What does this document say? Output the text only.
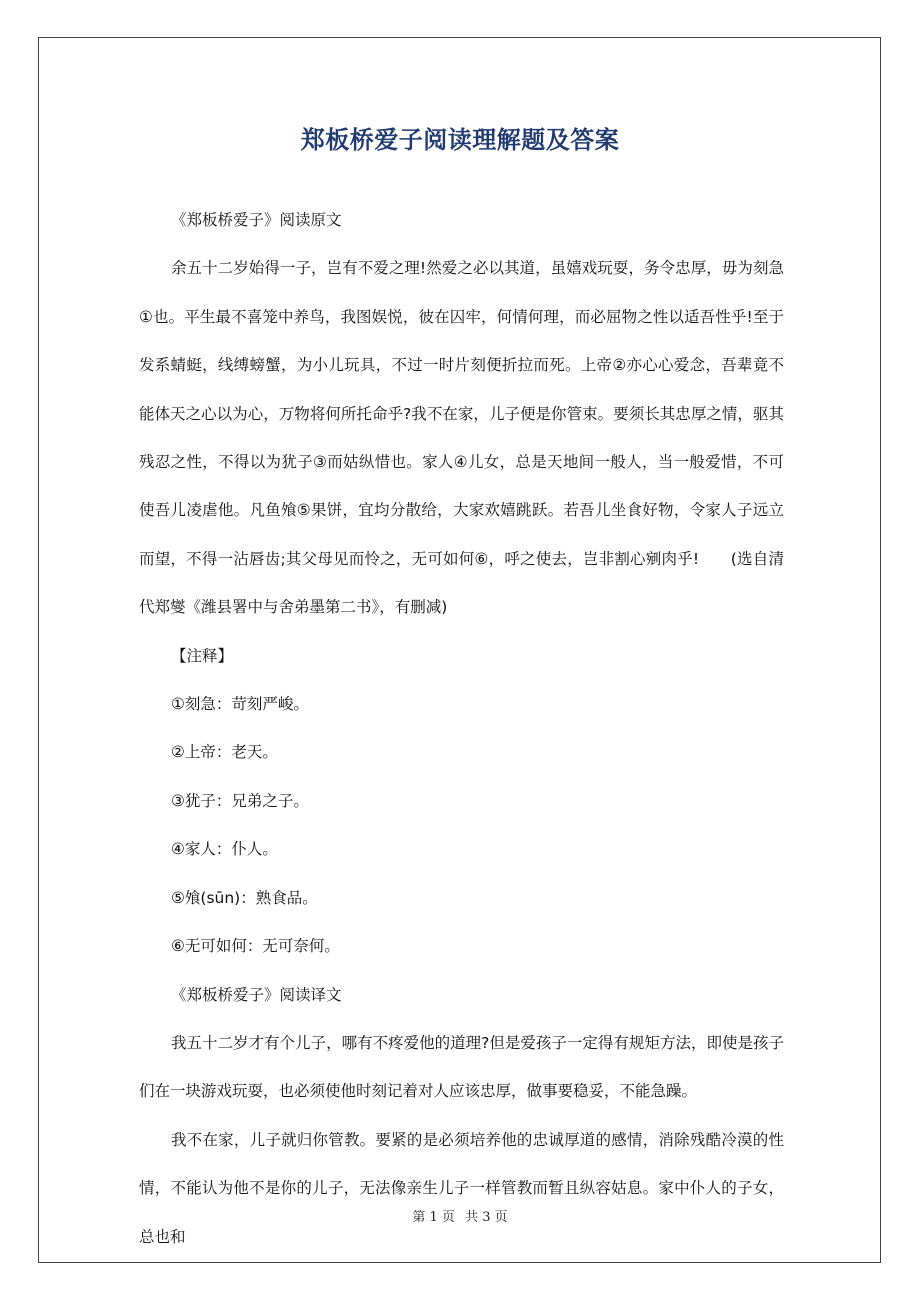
郑板桥爱子阅读理解题及答案

《郑板桥爱子》阅读原文

余五十二岁始得一子，岂有不爱之理!然爱之必以其道，虽嬉戏玩耍，务令忠厚，毋为刻急①也。平生最不喜笼中养鸟，我图娱悦，彼在囚牢，何情何理，而必屈物之性以适吾性乎!至于发系蜻蜓，线缚螃蟹，为小儿玩具，不过一时片刻便折拉而死。上帝②亦心心爱念，吾辈竟不能体天之心以为心，万物将何所托命乎?我不在家，儿子便是你管束。要须长其忠厚之情，驱其残忍之性，不得以为犹子③而姑纵惜也。家人④儿女，总是天地间一般人，当一般爱惜，不可使吾儿凌虐他。凡鱼飧⑤果饼，宜均分散给，大家欢嬉跳跃。若吾儿坐食好物，令家人子远立而望，不得一沾唇齿;其父母见而怜之，无可如何⑥，呼之使去，岂非割心剜肉乎!　　(选自清代郑燮《潍县署中与舍弟墨第二书》，有删减)

【注释】

①刻急：苛刻严峻。

②上帝：老天。

③犹子：兄弟之子。

④家人：仆人。

⑤飧(sūn)：熟食品。

⑥无可如何：无可奈何。

《郑板桥爱子》阅读译文

我五十二岁才有个儿子，哪有不疼爱他的道理?但是爱孩子一定得有规矩方法，即使是孩子们在一块游戏玩耍，也必须使他时刻记着对人应该忠厚，做事要稳妥，不能急躁。

我不在家，儿子就归你管教。要紧的是必须培养他的忠诚厚道的感情，消除残酷冷漠的性情，不能认为他不是你的儿子，无法像亲生儿子一样管教而暂且纵容姑息。家中仆人的子女，总也和

第 1 页 共 3 页
